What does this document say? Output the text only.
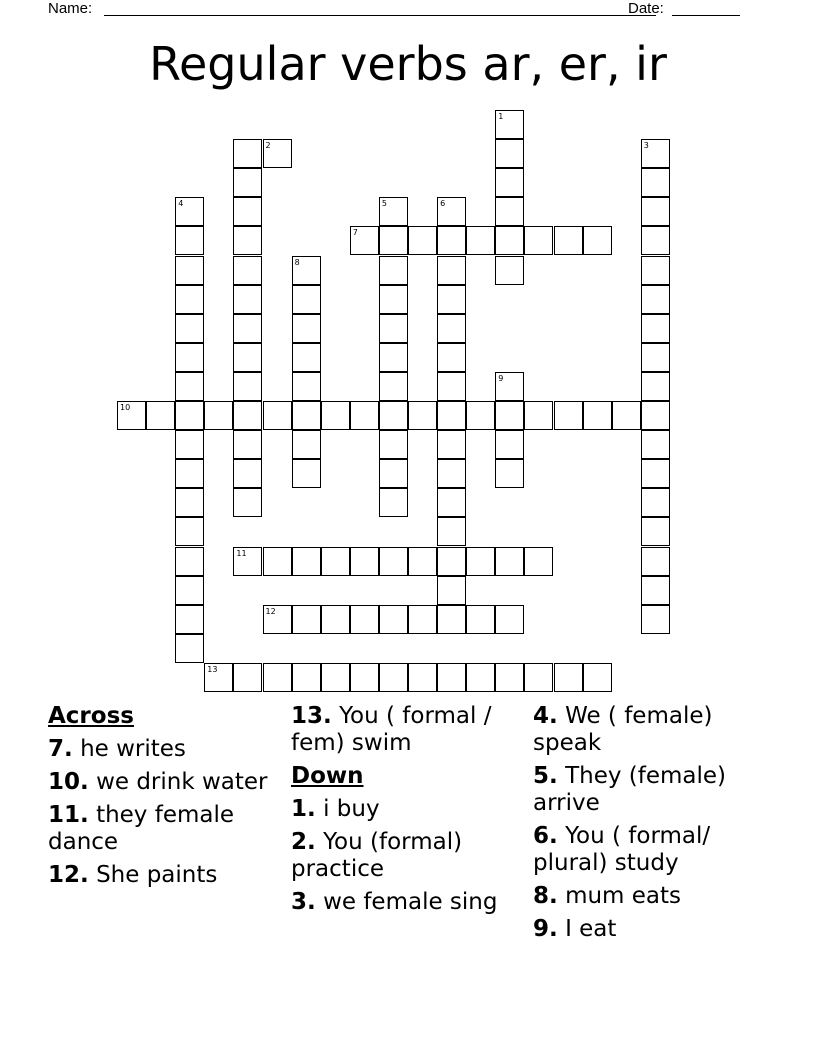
Name:	Date:
Regular verbs ar, er, ir
1
3
4	5	6
7
8
9
10
11
12
13
2
Across
7. he writes
10. we drink water
11. they female dance
12. She paints
13. You ( formal / fem) swim
Down
1. i buy
2. You (formal) practice
3. we female sing
4. We ( female) speak
5. They (female) arrive
6. You ( formal/ plural) study
8. mum eats
9. I eat
